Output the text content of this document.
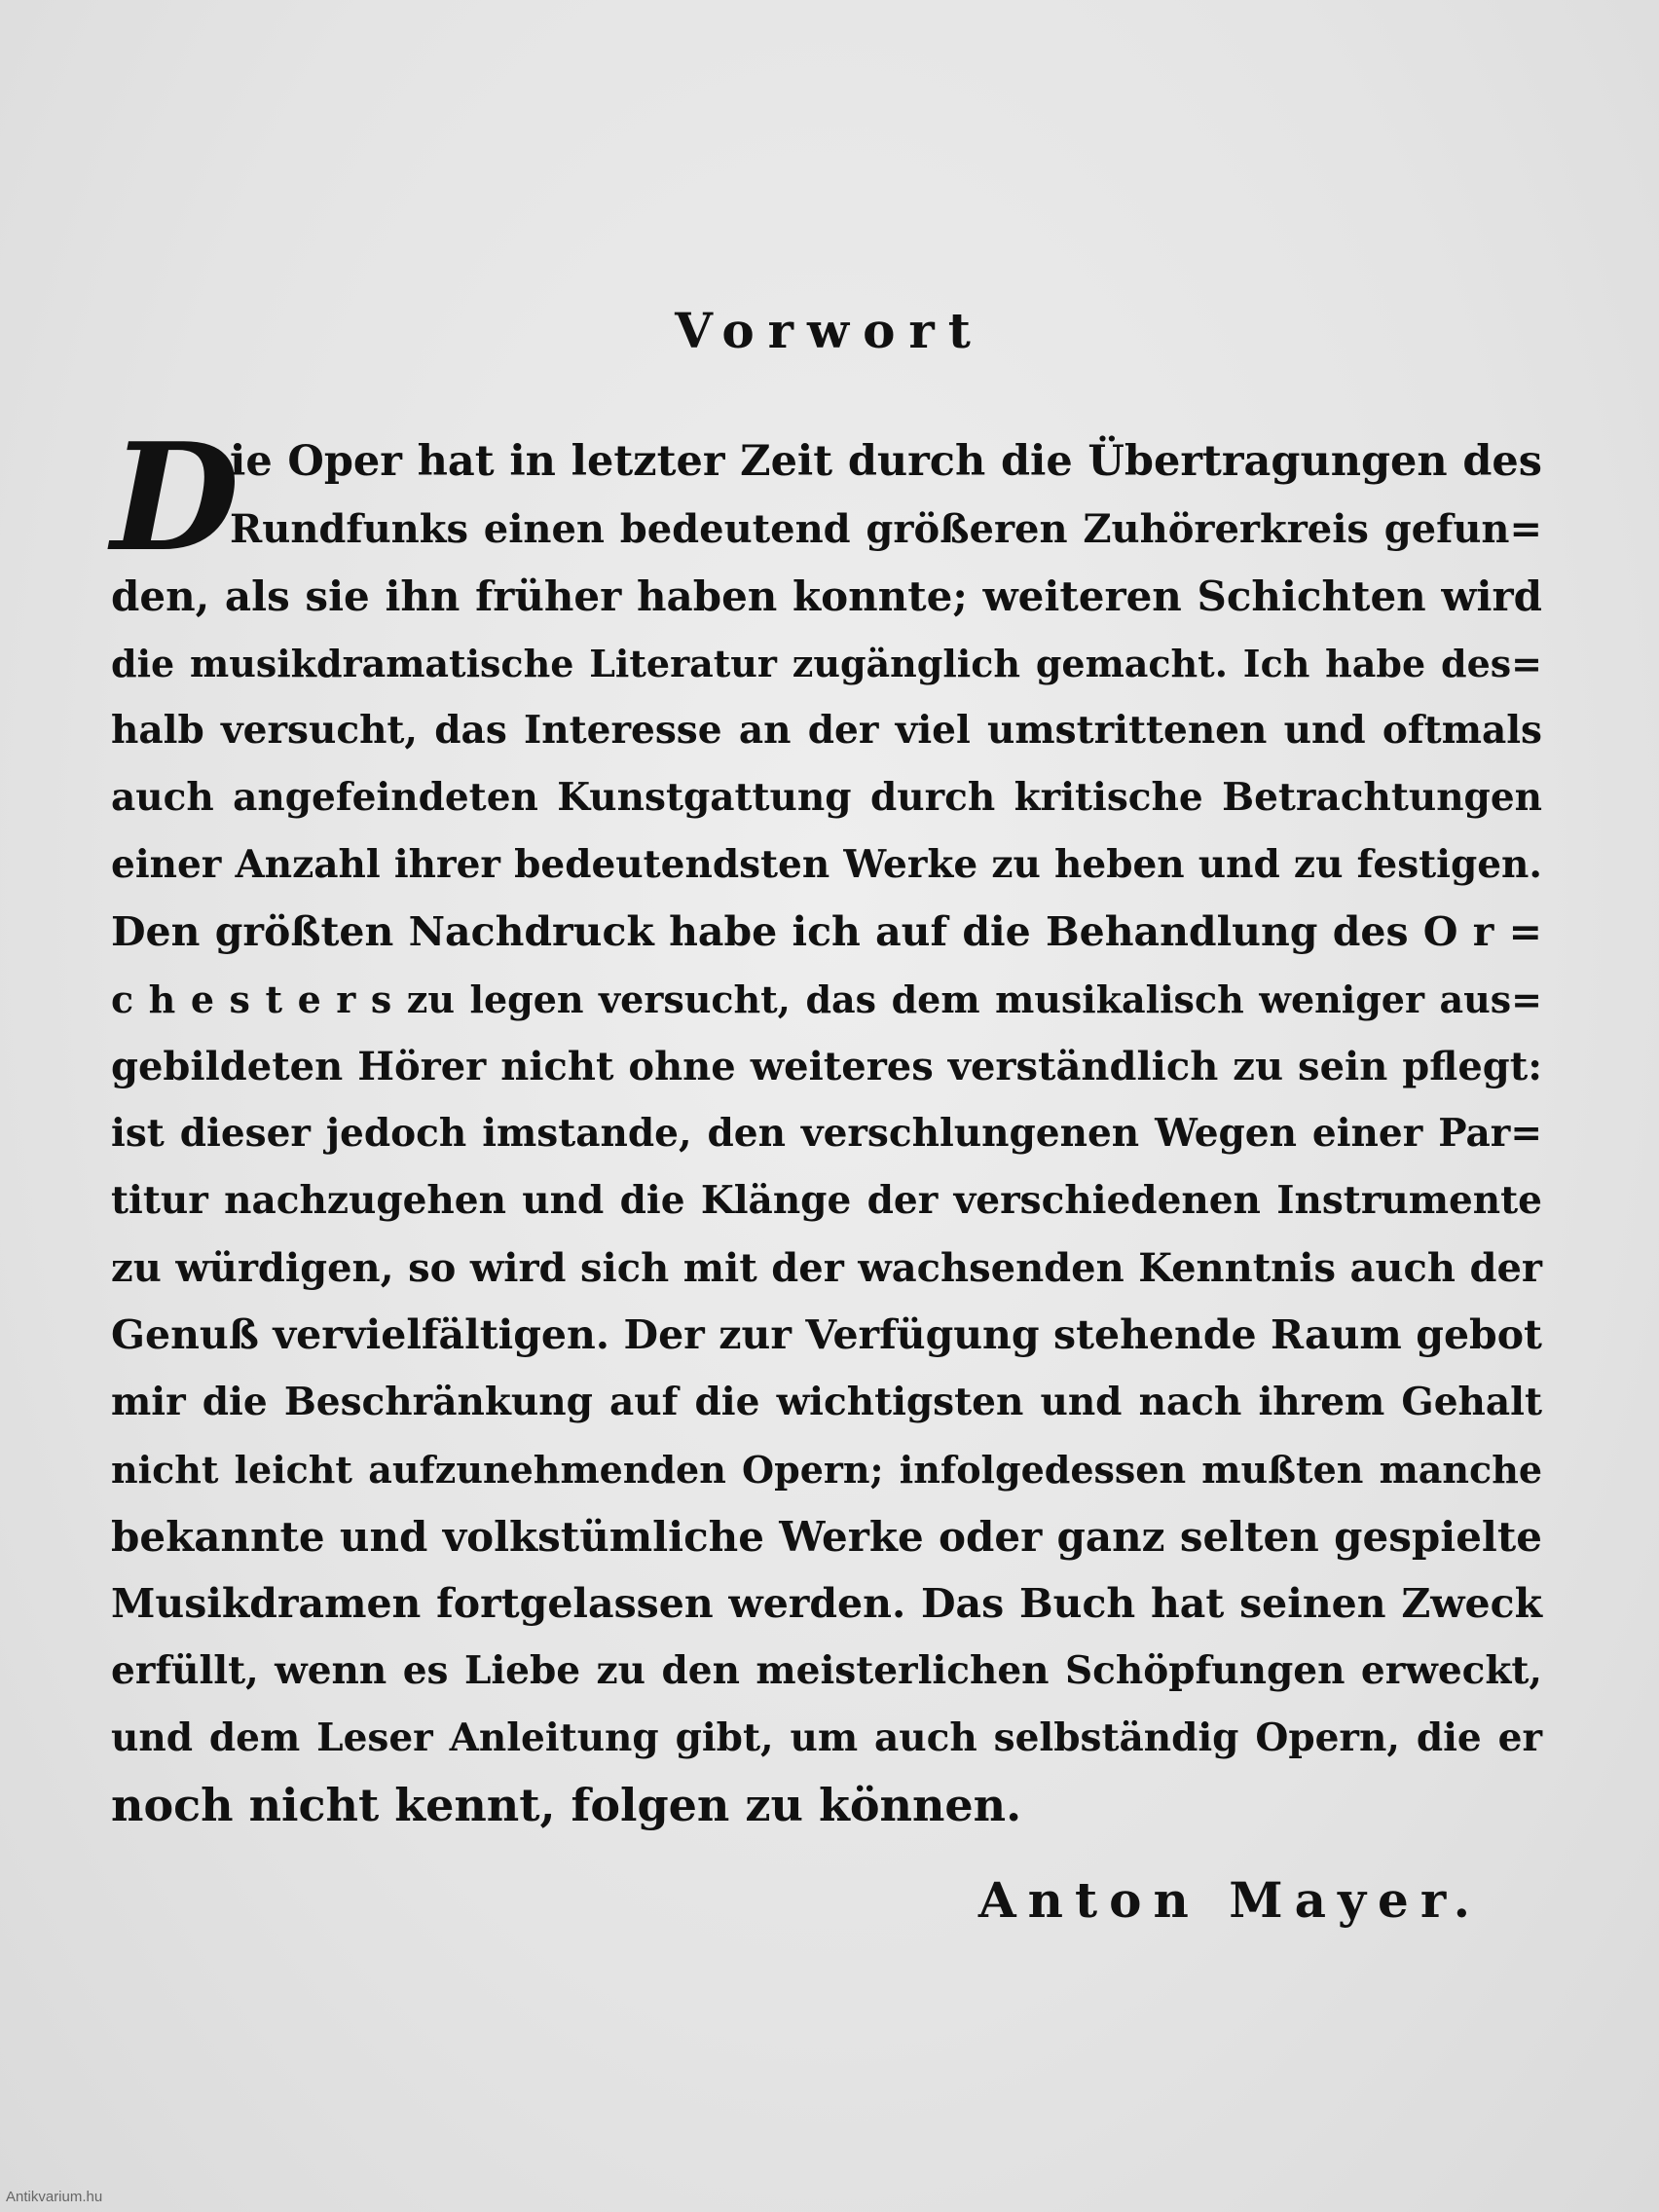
Vorwort
D
ie Oper hat in letzter Zeit durch die Übertragungen des
Rundfunks einen bedeutend größeren Zuhörerkreis gefun=
den, als sie ihn früher haben konnte; weiteren Schichten wird
die musikdramatische Literatur zugänglich gemacht. Ich habe des=
halb versucht, das Interesse an der viel umstrittenen und oftmals
auch angefeindeten Kunstgattung durch kritische Betrachtungen
einer Anzahl ihrer bedeutendsten Werke zu heben und zu festigen.
Den größten Nachdruck habe ich auf die Behandlung des O r =
c h e s t e r s zu legen versucht, das dem musikalisch weniger aus=
gebildeten Hörer nicht ohne weiteres verständlich zu sein pflegt:
ist dieser jedoch imstande, den verschlungenen Wegen einer Par=
titur nachzugehen und die Klänge der verschiedenen Instrumente
zu würdigen, so wird sich mit der wachsenden Kenntnis auch der
Genuß vervielfältigen. Der zur Verfügung stehende Raum gebot
mir die Beschränkung auf die wichtigsten und nach ihrem Gehalt
nicht leicht aufzunehmenden Opern; infolgedessen mußten manche
bekannte und volkstümliche Werke oder ganz selten gespielte
Musikdramen fortgelassen werden. Das Buch hat seinen Zweck
erfüllt, wenn es Liebe zu den meisterlichen Schöpfungen erweckt,
und dem Leser Anleitung gibt, um auch selbständig Opern, die er
noch nicht kennt, folgen zu können.
Anton Mayer.
Antikvarium.hu
